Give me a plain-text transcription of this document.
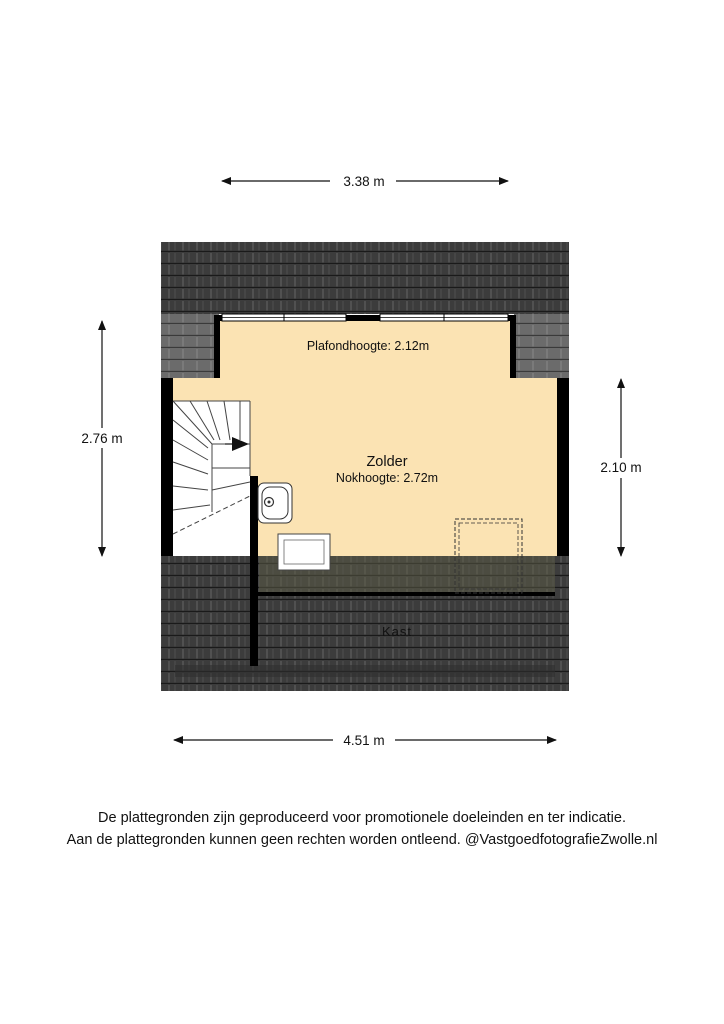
3.38 m
4.51 m
2.76 m
2.10 m
Plafondhoogte: 2.12m
Zolder
Nokhoogte: 2.72m
Kast
De plattegronden zijn geproduceerd voor promotionele doeleinden en ter indicatie.
Aan de plattegronden kunnen geen rechten worden ontleend. @VastgoedfotografieZwolle.nl
